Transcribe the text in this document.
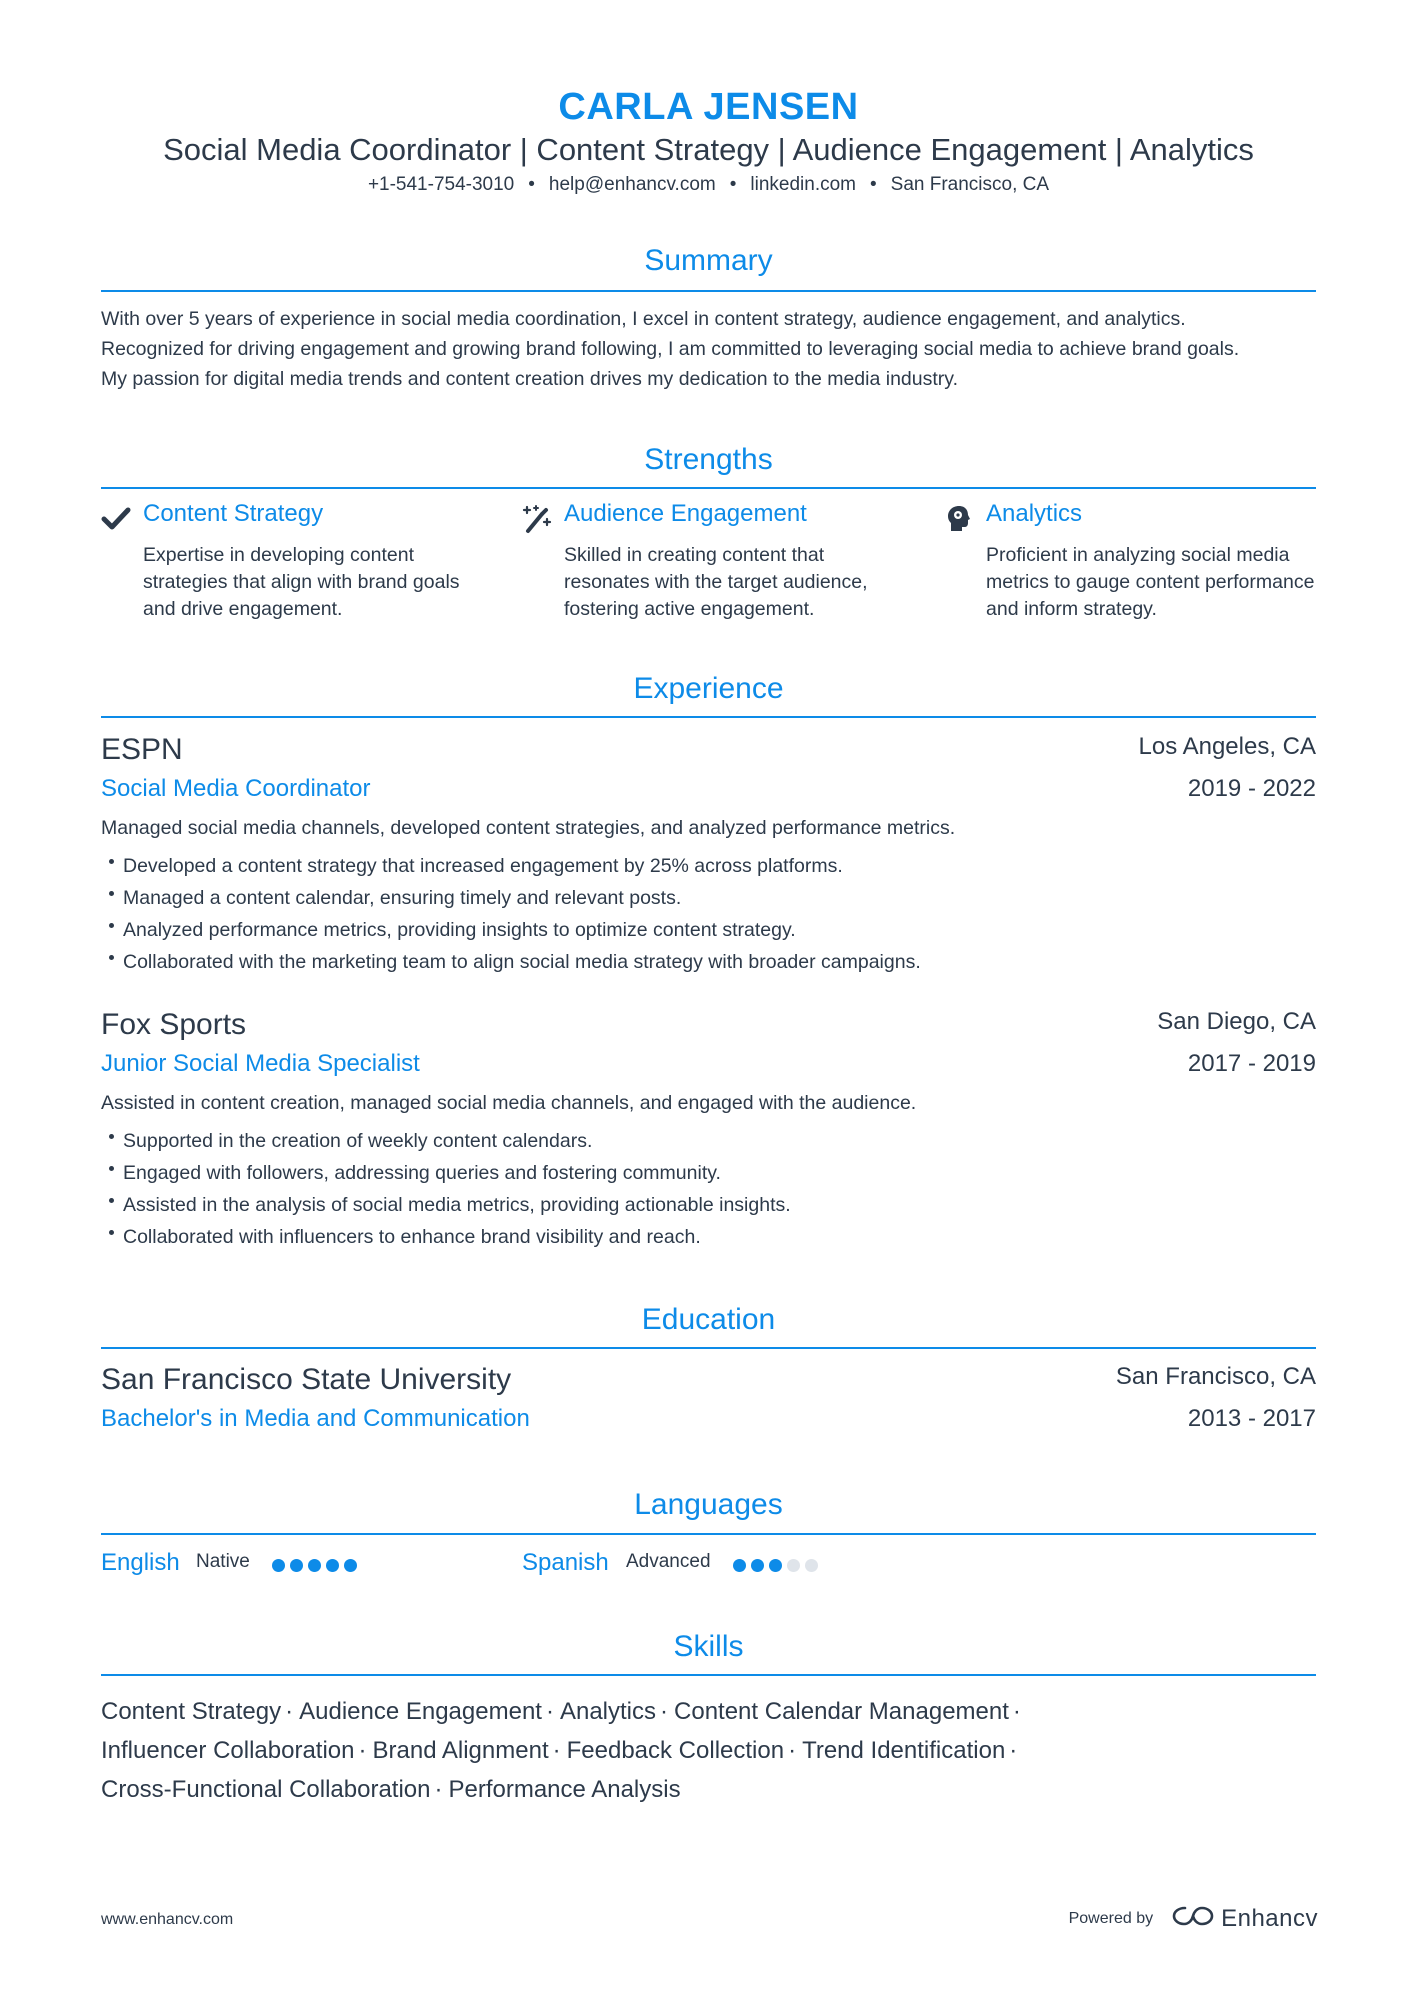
CARLA JENSEN
Social Media Coordinator | Content Strategy | Audience Engagement | Analytics
+1-541-754-3010 • help@enhancv.com • linkedin.com • San Francisco, CA
Summary
With over 5 years of experience in social media coordination, I excel in content strategy, audience engagement, and analytics.
Recognized for driving engagement and growing brand following, I am committed to leveraging social media to achieve brand goals.
My passion for digital media trends and content creation drives my dedication to the media industry.
Strengths
Content Strategy
Expertise in developing content strategies that align with brand goals and drive engagement.
Audience Engagement
Skilled in creating content that resonates with the target audience, fostering active engagement.
Analytics
Proficient in analyzing social media metrics to gauge content performance and inform strategy.
Experience
ESPN	Los Angeles, CA
Social Media Coordinator	2019 - 2022
Managed social media channels, developed content strategies, and analyzed performance metrics.
Developed a content strategy that increased engagement by 25% across platforms.
Managed a content calendar, ensuring timely and relevant posts.
Analyzed performance metrics, providing insights to optimize content strategy.
Collaborated with the marketing team to align social media strategy with broader campaigns.
Fox Sports	San Diego, CA
Junior Social Media Specialist	2017 - 2019
Assisted in content creation, managed social media channels, and engaged with the audience.
Supported in the creation of weekly content calendars.
Engaged with followers, addressing queries and fostering community.
Assisted in the analysis of social media metrics, providing actionable insights.
Collaborated with influencers to enhance brand visibility and reach.
Education
San Francisco State University	San Francisco, CA
Bachelor's in Media and Communication	2013 - 2017
Languages
English Native	Spanish Advanced
Skills
Content Strategy · Audience Engagement · Analytics · Content Calendar Management ·
Influencer Collaboration · Brand Alignment · Feedback Collection · Trend Identification ·
Cross-Functional Collaboration · Performance Analysis
www.enhancv.com	Powered by	Enhancv
